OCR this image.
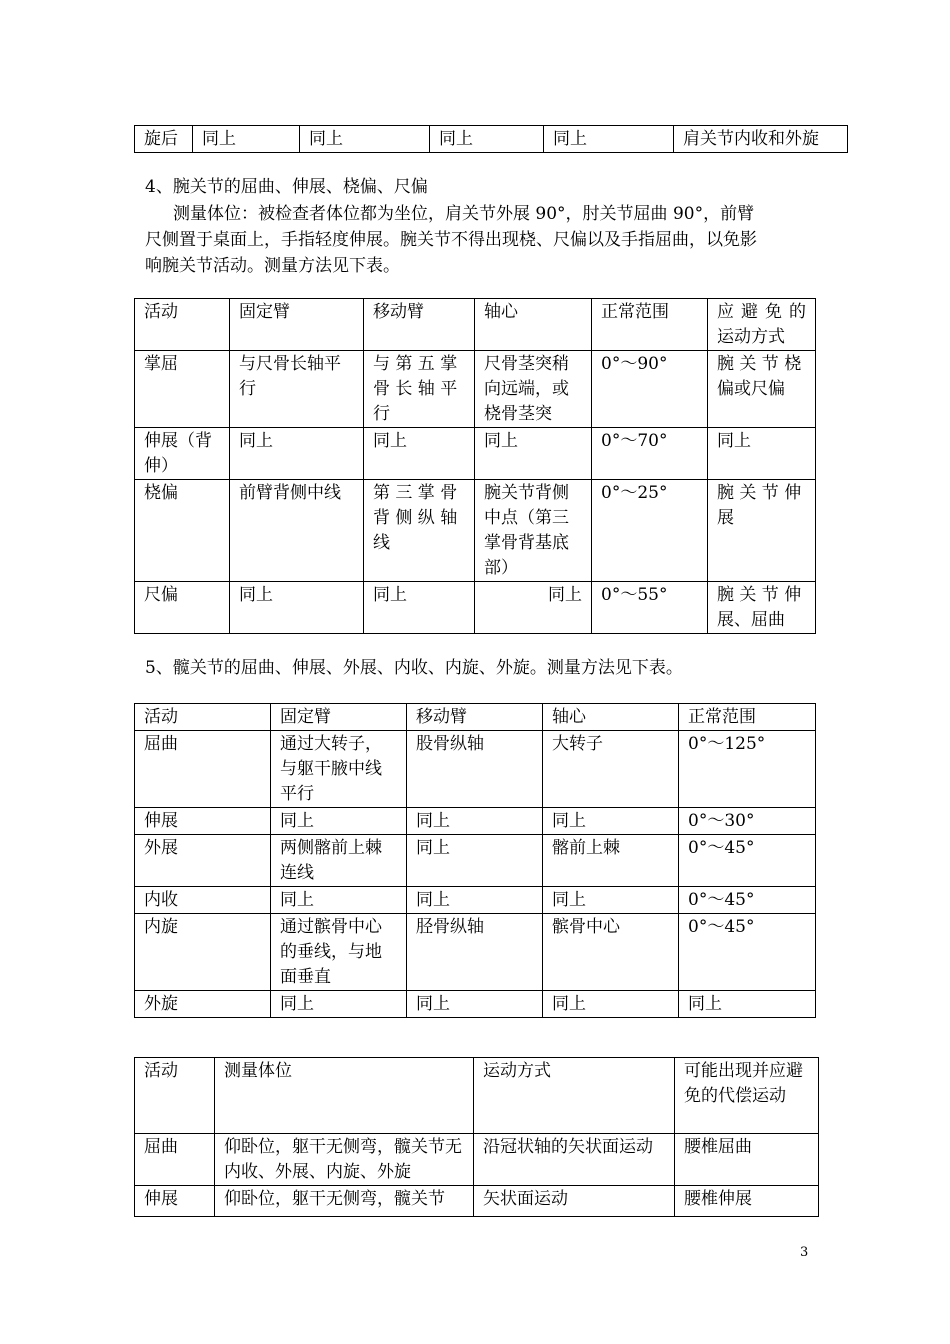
旋后	同上	同上	同上	同上	肩关节内收和外旋
4、腕关节的屈曲、伸展、桡偏、尺偏
测量体位：被检查者体位都为坐位，肩关节外展 90°，肘关节屈曲 90°，前臂
尺侧置于桌面上，手指轻度伸展。腕关节不得出现桡、尺偏以及手指屈曲，以免影
响腕关节活动。测量方法见下表。
活动	固定臂	移动臂	轴心	正常范围	应 避 免 的运动方式
掌屈	与尺骨长轴平行	与 第 五 掌骨 长 轴 平行	尺骨茎突稍向远端，或桡骨茎突	0°～90°	腕 关 节 桡偏或尺偏
伸展（背伸）	同上	同上	同上	0°～70°	同上
桡偏	前臂背侧中线	第 三 掌 骨背 侧 纵 轴线	腕关节背侧中点（第三掌骨背基底部）	0°～25°	腕 关 节 伸展
尺偏	同上	同上	同上	0°～55°	腕 关 节 伸展、屈曲
5、髋关节的屈曲、伸展、外展、内收、内旋、外旋。测量方法见下表。
活动	固定臂	移动臂	轴心	正常范围
屈曲	通过大转子，与躯干腋中线平行	股骨纵轴	大转子	0°～125°
伸展	同上	同上	同上	0°～30°
外展	两侧髂前上棘连线	同上	髂前上棘	0°～45°
内收	同上	同上	同上	0°～45°
内旋	通过髌骨中心的垂线，与地面垂直	胫骨纵轴	髌骨中心	0°～45°
外旋	同上	同上	同上	同上
活动	测量体位	运动方式	可能出现并应避免的代偿运动
屈曲	仰卧位，躯干无侧弯，髋关节无内收、外展、内旋、外旋	沿冠状轴的矢状面运动	腰椎屈曲
伸展	仰卧位，躯干无侧弯，髋关节	矢状面运动	腰椎伸展
3
